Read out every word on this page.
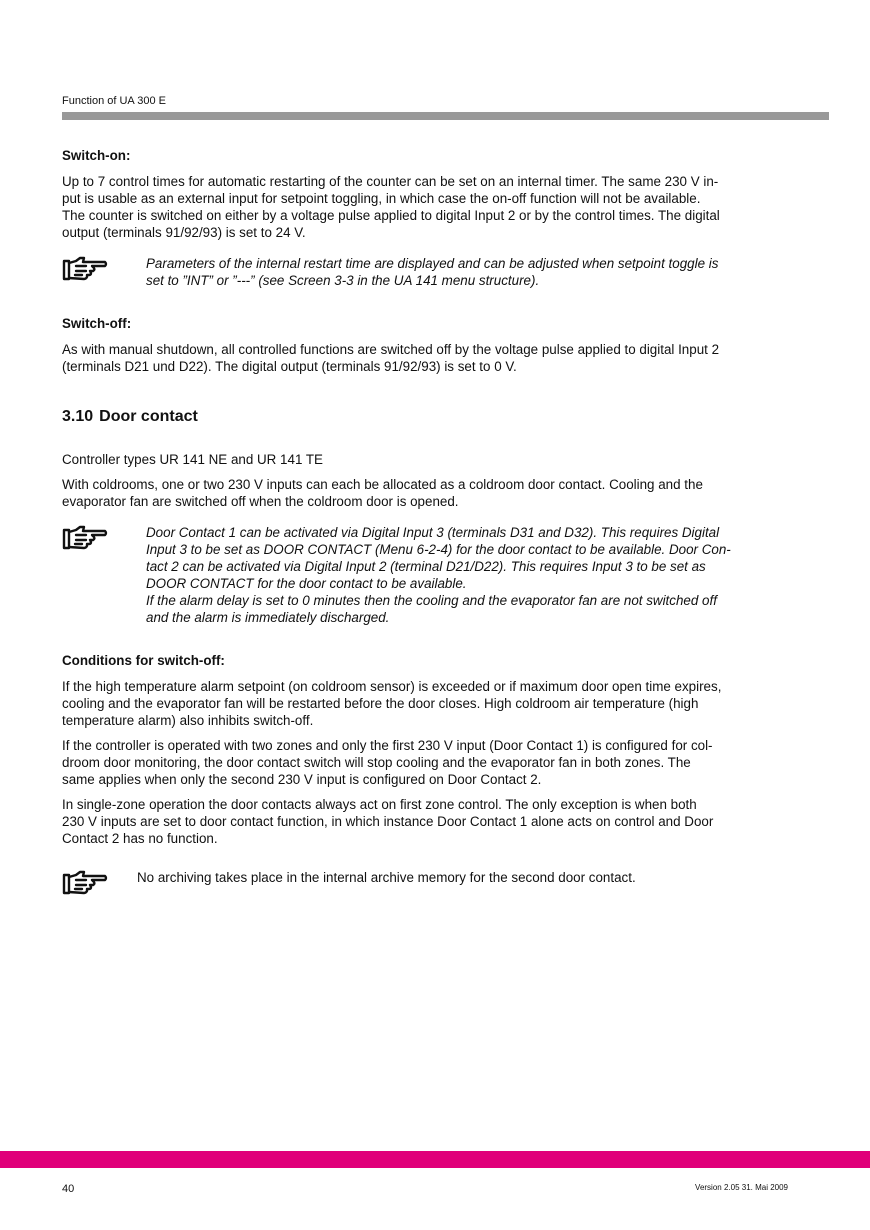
Function of UA 300 E
Switch-on:

Up to 7 control times for automatic restarting of the counter can be set on an internal timer. The same 230 V in-
put is usable as an external input for setpoint toggling, in which case the on-off function will not be available.
The counter is switched on either by a voltage pulse applied to digital Input 2 or by the control times. The digital
output (terminals 91/92/93) is set to 24 V.

Parameters of the internal restart time are displayed and can be adjusted when setpoint toggle is
set to ”INT” or ”---” (see Screen 3-3 in the UA 141 menu structure).
Switch-off:

As with manual shutdown, all controlled functions are switched off by the voltage pulse applied to digital Input 2
(terminals D21 und D22). The digital output (terminals 91/92/93) is set to 0 V.

3.10 Door contact

Controller types UR 141 NE and UR 141 TE

With coldrooms, one or two 230 V inputs can each be allocated as a coldroom door contact. Cooling and the
evaporator fan are switched off when the coldroom door is opened.

Door Contact 1 can be activated via Digital Input 3 (terminals D31 and D32). This requires Digital
Input 3 to be set as DOOR CONTACT (Menu 6-2-4) for the door contact to be available. Door Con-
tact 2 can be activated via Digital Input 2 (terminal D21/D22). This requires Input 3 to be set as
DOOR CONTACT for the door contact to be available.
If the alarm delay is set to 0 minutes then the cooling and the evaporator fan are not switched off
and the alarm is immediately discharged.
Conditions for switch-off:

If the high temperature alarm setpoint (on coldroom sensor) is exceeded or if maximum door open time expires,
cooling and the evaporator fan will be restarted before the door closes. High coldroom air temperature (high
temperature alarm) also inhibits switch-off.

If the controller is operated with two zones and only the first 230 V input (Door Contact 1) is configured for col-
droom door monitoring, the door contact switch will stop cooling and the evaporator fan in both zones. The
same applies when only the second 230 V input is configured on Door Contact 2.

In single-zone operation the door contacts always act on first zone control. The only exception is when both
230 V inputs are set to door contact function, in which instance Door Contact 1 alone acts on control and Door
Contact 2 has no function.

No archiving takes place in the internal archive memory for the second door contact.
40	Version 2.05 31. Mai 2009
